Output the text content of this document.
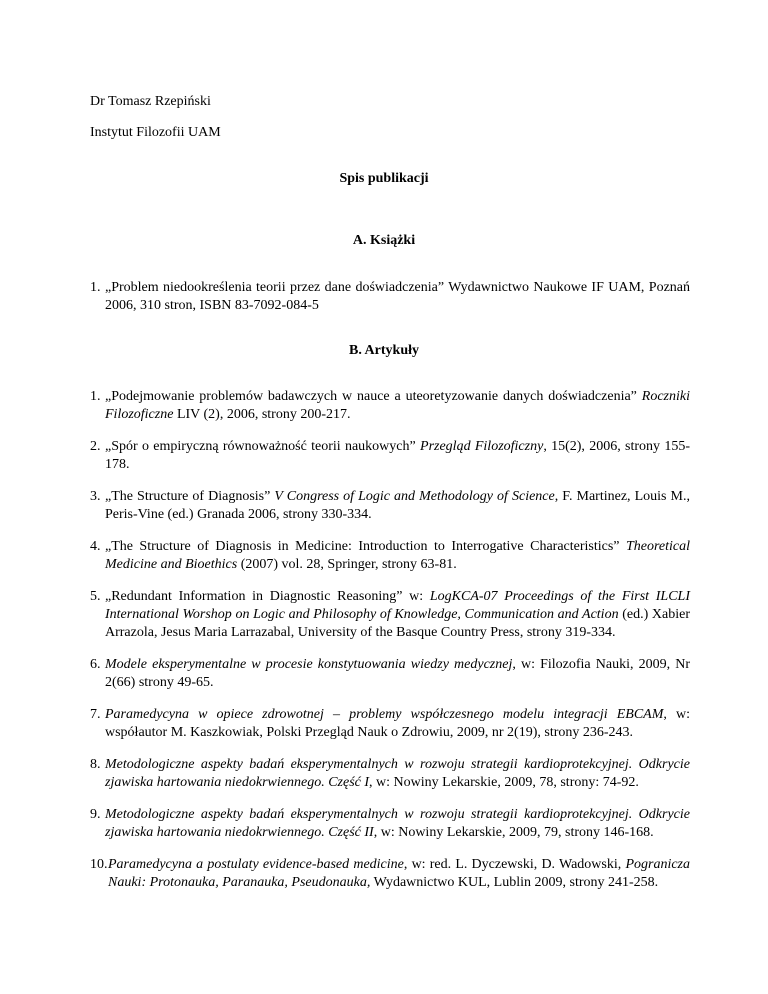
Dr Tomasz Rzepiński
Instytut Filozofii UAM
Spis publikacji
A. Książki
1. „Problem niedookreślenia teorii przez dane doświadczenia” Wydawnictwo Naukowe IF UAM, Poznań 2006, 310 stron, ISBN 83-7092-084-5
B. Artykuły
1. „Podejmowanie problemów badawczych w nauce a uteoretyzowanie danych doświadczenia” Roczniki Filozoficzne LIV (2), 2006, strony 200-217.
2. „Spór o empiryczną równoważność teorii naukowych” Przegląd Filozoficzny, 15(2), 2006, strony 155-178.
3. „The Structure of Diagnosis” V Congress of Logic and Methodology of Science, F. Martinez, Louis M., Peris-Vine (ed.) Granada 2006, strony 330-334.
4. „The Structure of Diagnosis in Medicine: Introduction to Interrogative Characteristics” Theoretical Medicine and Bioethics (2007) vol. 28, Springer, strony 63-81.
5. „Redundant Information in Diagnostic Reasoning” w: LogKCA-07 Proceedings of the First ILCLI International Worshop on Logic and Philosophy of Knowledge, Communication and Action (ed.) Xabier Arrazola, Jesus Maria Larrazabal, University of the Basque Country Press, strony 319-334.
6. Modele eksperymentalne w procesie konstytuowania wiedzy medycznej, w: Filozofia Nauki, 2009, Nr 2(66) strony 49-65.
7. Paramedycyna w opiece zdrowotnej – problemy współczesnego modelu integracji EBCAM, w: współautor M. Kaszkowiak, Polski Przegląd Nauk o Zdrowiu, 2009, nr 2(19), strony 236-243.
8. Metodologiczne aspekty badań eksperymentalnych w rozwoju strategii kardioprotekcyjnej. Odkrycie zjawiska hartowania niedokrwiennego. Część I, w: Nowiny Lekarskie, 2009, 78, strony: 74-92.
9. Metodologiczne aspekty badań eksperymentalnych w rozwoju strategii kardioprotekcyjnej. Odkrycie zjawiska hartowania niedokrwiennego. Część II, w: Nowiny Lekarskie, 2009, 79, strony 146-168.
10. Paramedycyna a postulaty evidence-based medicine, w: red. L. Dyczewski, D. Wadowski, Pogranicza Nauki: Protonauka, Paranauka, Pseudonauka, Wydawnictwo KUL, Lublin 2009, strony 241-258.
